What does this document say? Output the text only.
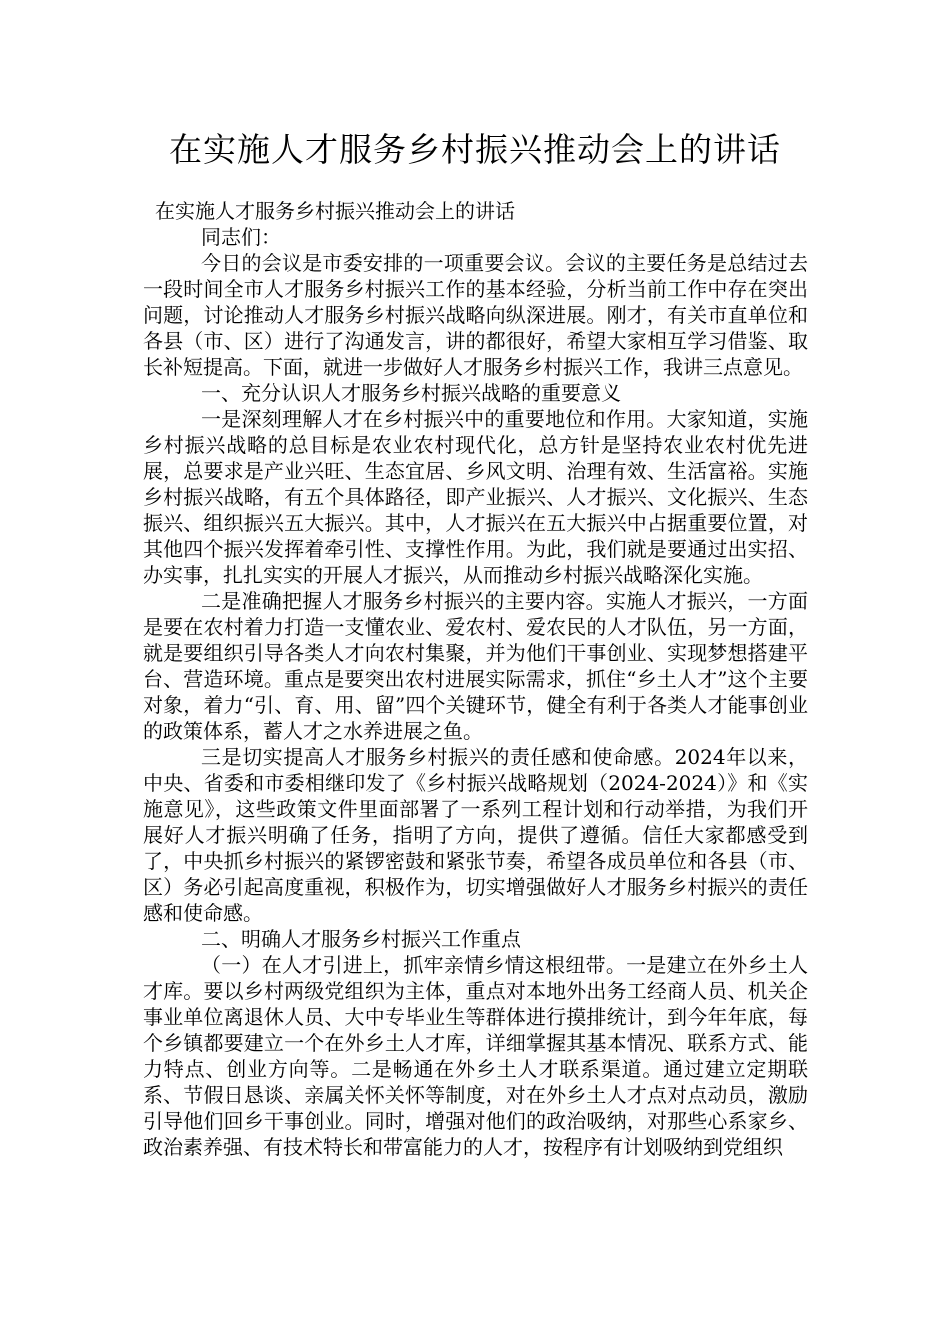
在实施人才服务乡村振兴推动会上的讲话

在实施人才服务乡村振兴推动会上的讲话

同志们：

今日的会议是市委安排的一项重要会议。会议的主要任务是总结过去一段时间全市人才服务乡村振兴工作的基本经验，分析当前工作中存在突出问题，讨论推动人才服务乡村振兴战略向纵深进展。刚才，有关市直单位和各县（市、区）进行了沟通发言，讲的都很好，希望大家相互学习借鉴、取长补短提高。下面，就进一步做好人才服务乡村振兴工作，我讲三点意见。

一、充分认识人才服务乡村振兴战略的重要意义

一是深刻理解人才在乡村振兴中的重要地位和作用。大家知道，实施乡村振兴战略的总目标是农业农村现代化，总方针是坚持农业农村优先进展，总要求是产业兴旺、生态宜居、乡风文明、治理有效、生活富裕。实施乡村振兴战略，有五个具体路径，即产业振兴、人才振兴、文化振兴、生态振兴、组织振兴五大振兴。其中，人才振兴在五大振兴中占据重要位置，对其他四个振兴发挥着牵引性、支撑性作用。为此，我们就是要通过出实招、办实事，扎扎实实的开展人才振兴，从而推动乡村振兴战略深化实施。

二是准确把握人才服务乡村振兴的主要内容。实施人才振兴，一方面是要在农村着力打造一支懂农业、爱农村、爱农民的人才队伍，另一方面，就是要组织引导各类人才向农村集聚，并为他们干事创业、实现梦想搭建平台、营造环境。重点是要突出农村进展实际需求，抓住“乡土人才”这个主要对象，着力“引、育、用、留”四个关键环节，健全有利于各类人才能事创业的政策体系，蓄人才之水养进展之鱼。

三是切实提高人才服务乡村振兴的责任感和使命感。2024年以来，中央、省委和市委相继印发了《乡村振兴战略规划（2024-2024）》和《实施意见》，这些政策文件里面部署了一系列工程计划和行动举措，为我们开展好人才振兴明确了任务，指明了方向，提供了遵循。信任大家都感受到了，中央抓乡村振兴的紧锣密鼓和紧张节奏，希望各成员单位和各县（市、区）务必引起高度重视，积极作为，切实增强做好人才服务乡村振兴的责任感和使命感。

二、明确人才服务乡村振兴工作重点

（一）在人才引进上，抓牢亲情乡情这根纽带。一是建立在外乡土人才库。要以乡村两级党组织为主体，重点对本地外出务工经商人员、机关企事业单位离退休人员、大中专毕业生等群体进行摸排统计，到今年年底，每个乡镇都要建立一个在外乡土人才库，详细掌握其基本情况、联系方式、能力特点、创业方向等。二是畅通在外乡土人才联系渠道。通过建立定期联系、节假日恳谈、亲属关怀关怀等制度，对在外乡土人才点对点动员，激励引导他们回乡干事创业。同时，增强对他们的政治吸纳，对那些心系家乡、政治素养强、有技术特长和带富能力的人才，按程序有计划吸纳到党组织
